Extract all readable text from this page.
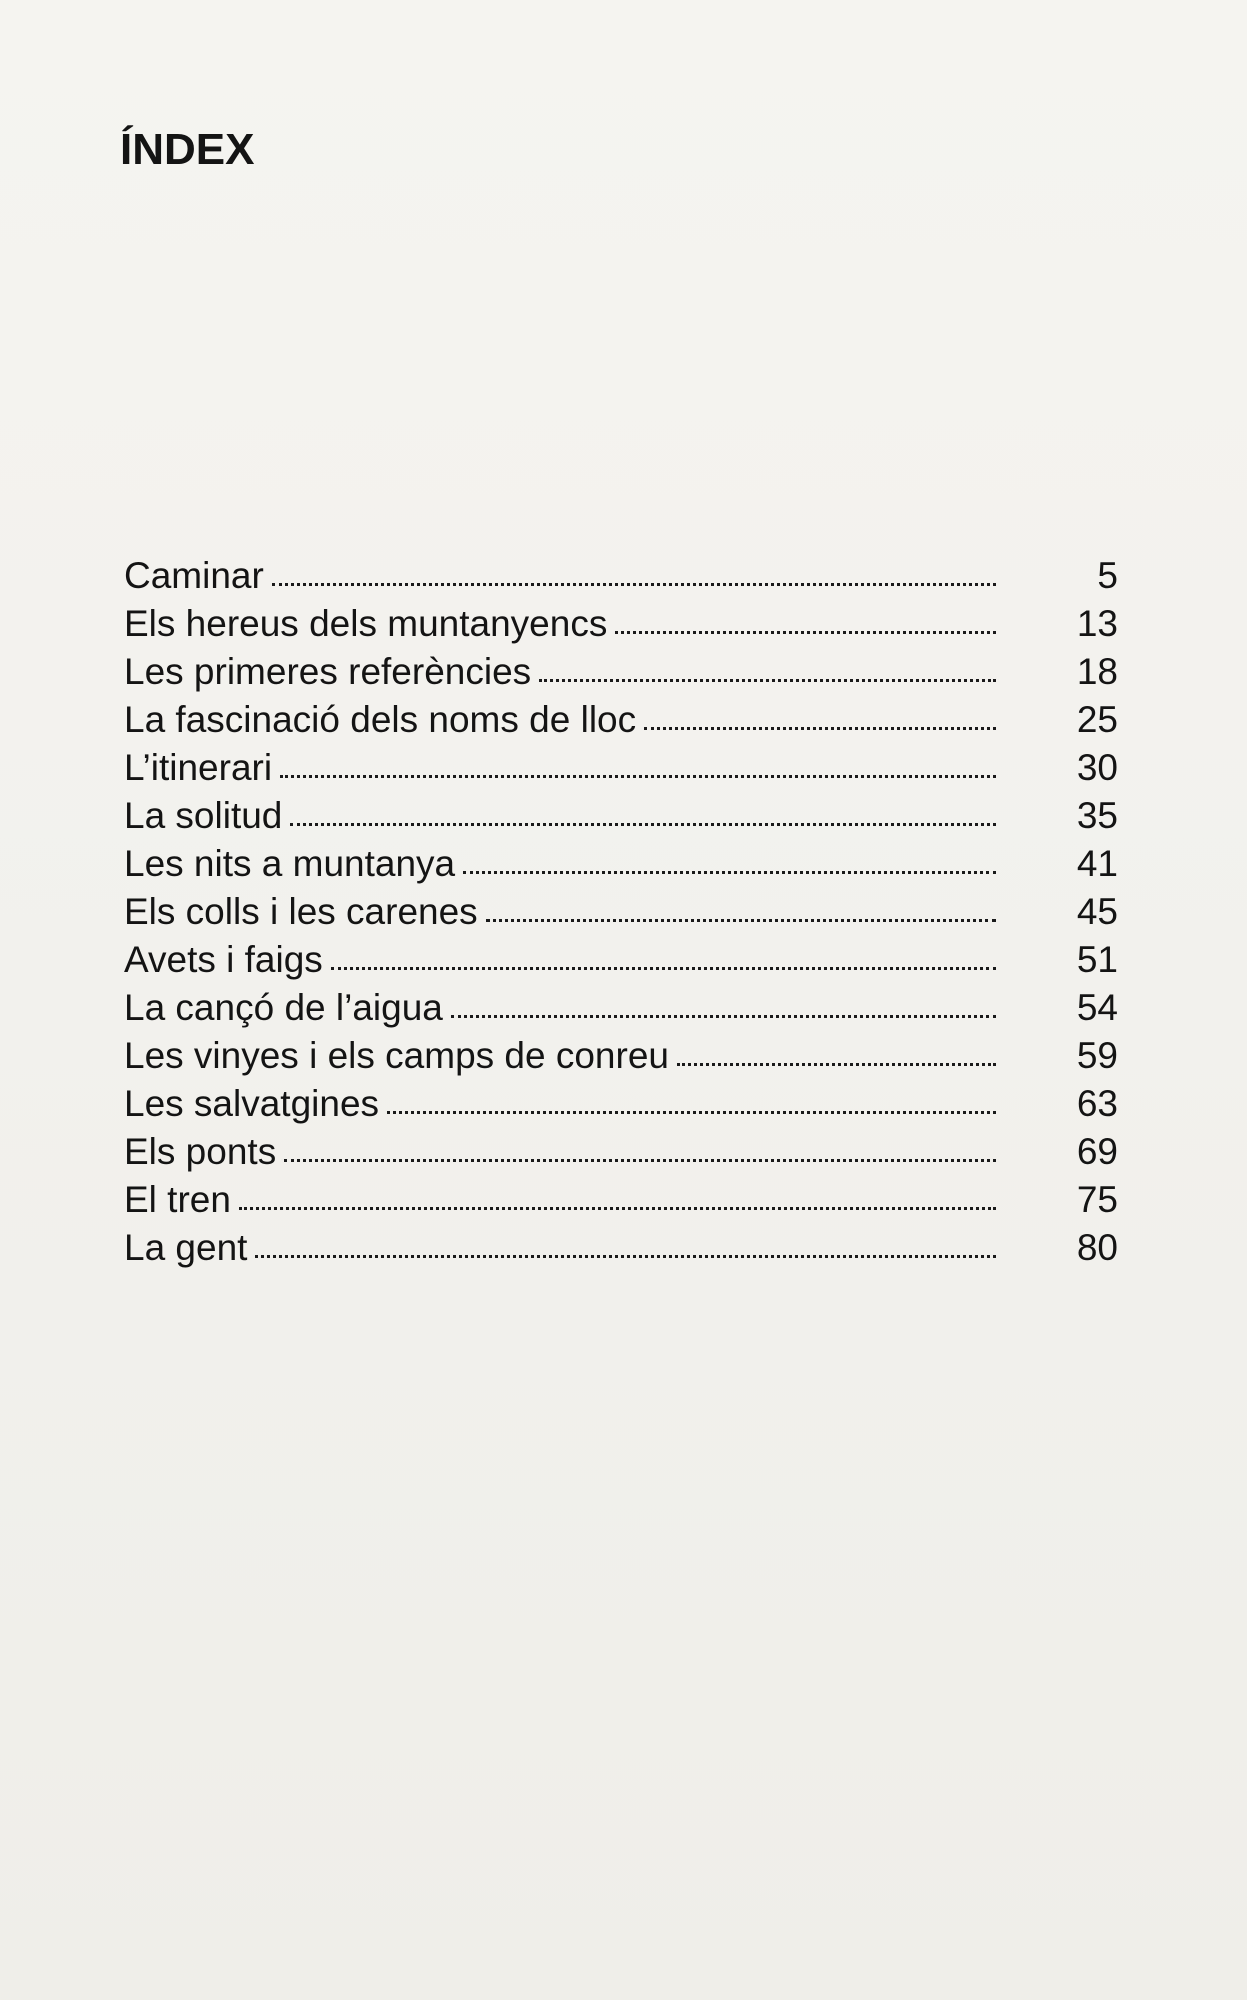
ÍNDEX
Caminar	5
Els hereus dels muntanyencs	13
Les primeres referències	18
La fascinació dels noms de lloc	25
L’itinerari	30
La solitud	35
Les nits a muntanya	41
Els colls i les carenes	45
Avets i faigs	51
La cançó de l’aigua	54
Les vinyes i els camps de conreu	59
Les salvatgines	63
Els ponts	69
El tren	75
La gent	80
